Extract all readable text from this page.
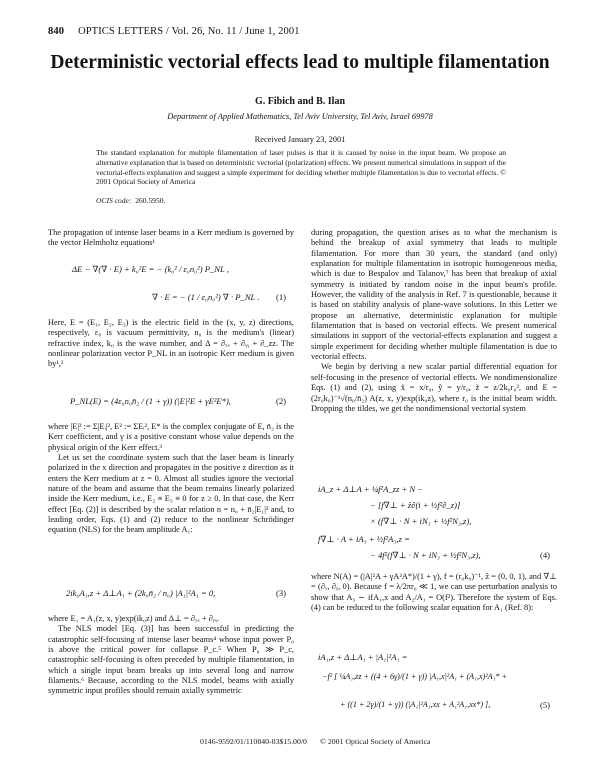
840 OPTICS LETTERS / Vol. 26, No. 11 / June 1, 2001
Deterministic vectorial effects lead to multiple filamentation
G. Fibich and B. Ilan
Department of Applied Mathematics, Tel Aviv University, Tel Aviv, Israel 69978
Received January 23, 2001
The standard explanation for multiple filamentation of laser pulses is that it is caused by noise in the input beam. We propose an alternative explanation that is based on deterministic vectorial (polarization) effects. We present numerical simulations in support of the vectorial-effects explanation and suggest a simple experiment for deciding whether multiple filamentation is due to vectorial effects. © 2001 Optical Society of America
OCIS code: 260.5950.

The propagation of intense laser beams in a Kerr medium is governed by the vector Helmholtz equations¹

ΔE − ∇(∇ · E) + k₀²E = − (k₀² / ε₀n₀²) P_NL ,
∇ · E = − (1 / ε₀n₀²) ∇ · P_NL . (1)

Here, E = (E₁, E₂, E₃) is the electric field in the (x, y, z) directions, respectively, ε₀ is vacuum permittivity, n₀ is the medium's (linear) refractive index, k₀ is the wave number, and Δ = ∂ₓₓ + ∂ᵧᵧ + ∂_zz. The nonlinear polarization vector P_NL in an isotropic Kerr medium is given by¹,²

P_NL(E) = (4ε₀n₀n̄₂ / (1 + γ)) (|E|²E + γE²E*),	(2)

where |E|² := Σ|Eᵢ|², E² := ΣEᵢ², E* is the complex conjugate of E, n̄₂ is the Kerr coefficient, and γ is a positive constant whose value depends on the physical origin of the Kerr effect.³

Let us set the coordinate system such that the laser beam is linearly polarized in the x direction and propagates in the positive z direction as it enters the Kerr medium at z = 0. Almost all studies ignore the vectorial nature of the beam and assume that the beam remains linearly polarized inside the Kerr medium, i.e., E₂ ≡ E₃ ≡ 0 for z ≥ 0. In that case, the Kerr effect [Eq. (2)] is described by the scalar relation n = n₀ + n̄₂|E₁|² and, to leading order, Eqs. (1) and (2) reduce to the nonlinear Schrödinger equation (NLS) for the beam amplitude A₁:

2ik₀A₁,z + Δ⊥A₁ + (2k₀n̄₂ / n₀) |A₁|²A₁ = 0,	(3)

where E₁ = A₁(z, x, y)exp(ik₀z) and Δ⊥ = ∂ₓₓ + ∂ᵧᵧ.

The NLS model [Eq. (3)] has been successful in predicting the catastrophic self-focusing of intense laser beams⁴ whose input power P₀ is above the critical power for collapse P_c.⁵ When P₀ ≫ P_c, catastrophic self-focusing is often preceded by multiple filamentation, in which a single input beam breaks up into several long and narrow filaments.⁶ Because, according to the NLS model, beams with axially symmetric input profiles should remain axially symmetric

during propagation, the question arises as to what the mechanism is behind the breakup of axial symmetry that leads to multiple filamentation. For more than 30 years, the standard (and only) explanation for multiple filamentation in isotropic homogeneous media, which is due to Bespalov and Talanov,⁷ has been that breakup of axial symmetry is initiated by random noise in the input beam's profile. However, the validity of the analysis in Ref. 7 is questionable, because it is based on stability analysis of plane-wave solutions. In this Letter we propose an alternative, deterministic explanation for multiple filamentation that is based on vectorial effects. We present numerical simulations in support of the vectorial-effects explanation and suggest a simple experiment for deciding whether multiple filamentation is due to vectorial effects.

We begin by deriving a new scalar partial differential equation for self-focusing in the presence of vectorial effects. We nondimensionalize Eqs. (1) and (2), using x̃ = x/r₀, ỹ = y/r₀, z̃ = z/2k₀r₀², and E = (2r₀k₀)⁻¹√(n₀/n̄₂) A(z, x, y)exp(ik₀z), where r₀ is the initial beam width. Dropping the tildes, we get the nondimensional vectorial system

iA_z + Δ⊥A + ¼f²A_zz + N −
− [f∇⊥ + ẑ∂(i + ½f²∂_z)]
× (f∇⊥ · N + iN₃ + ½f²N₃,z),
f∇⊥ · A + iA₃ + ½f²A₃,z =
− 4f²(f∇⊥ · N + iN₃ + ½f²N₃,z),	(4)

where N(A) = (|A|²A + γA²A*)/(1 + γ), f = (r₀k₀)⁻¹, ẑ = (0, 0, 1), and ∇⊥ = (∂ₓ, ∂ᵧ, 0). Because f = λ/2πr₀ ≪ 1, we can use perturbation analysis to show that A₃ ∼ ifA₁,x and A₂/A₁ = O(f²). Therefore the system of Eqs. (4) can be reduced to the following scalar equation for A₁ (Ref. 8):

iA₁,z + Δ⊥A₁ + |A₁|²A₁ =
−f² [ ¼A₁,zz + ((4 + 6γ)/(1 + γ)) |A₁,x|²A₁ + (A₁,x)²A₁* +
+ ((1 + 2γ)/(1 + γ)) (|A₁|²A₁,xx + A₁²A₁,xx*) ],	(5)
0146-9592/01/110840-03$15.00/0 © 2001 Optical Society of America
